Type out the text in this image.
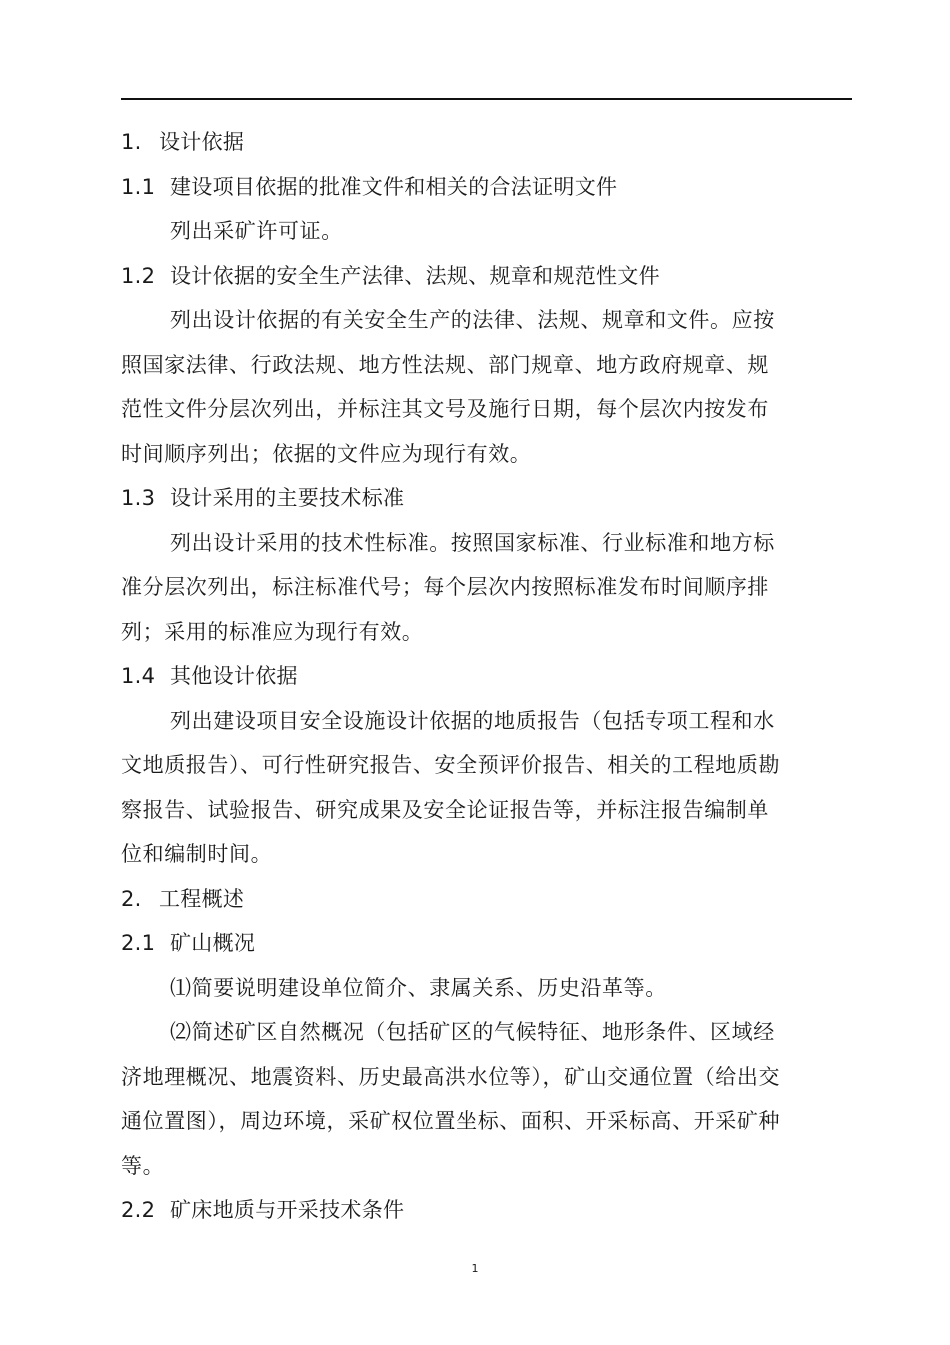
1. 设计依据
1.1 建设项目依据的批准文件和相关的合法证明文件
列出采矿许可证。
1.2 设计依据的安全生产法律、法规、规章和规范性文件
列出设计依据的有关安全生产的法律、法规、规章和文件。应按照国家法律、行政法规、地方性法规、部门规章、地方政府规章、规范性文件分层次列出，并标注其文号及施行日期，每个层次内按发布时间顺序列出；依据的文件应为现行有效。
1.3 设计采用的主要技术标准
列出设计采用的技术性标准。按照国家标准、行业标准和地方标准分层次列出，标注标准代号；每个层次内按照标准发布时间顺序排列；采用的标准应为现行有效。
1.4 其他设计依据
列出建设项目安全设施设计依据的地质报告（包括专项工程和水文地质报告）、可行性研究报告、安全预评价报告、相关的工程地质勘察报告、试验报告、研究成果及安全论证报告等，并标注报告编制单位和编制时间。
2. 工程概述
2.1 矿山概况
⑴简要说明建设单位简介、隶属关系、历史沿革等。
⑵简述矿区自然概况（包括矿区的气候特征、地形条件、区域经济地理概况、地震资料、历史最高洪水位等），矿山交通位置（给出交通位置图），周边环境，采矿权位置坐标、面积、开采标高、开采矿种等。
2.2 矿床地质与开采技术条件
1
